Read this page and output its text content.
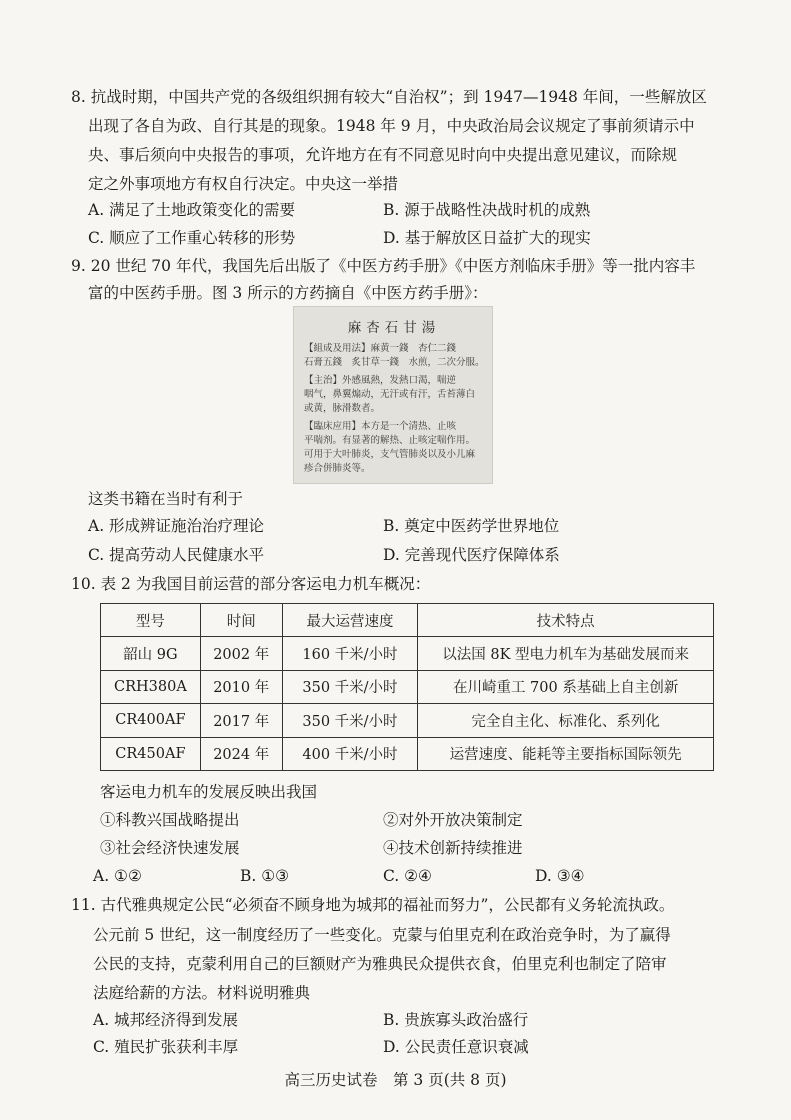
8. 抗战时期，中国共产党的各级组织拥有较大“自治权”；到 1947—1948 年间，一些解放区
出现了各自为政、自行其是的现象。1948 年 9 月，中央政治局会议规定了事前须请示中
央、事后须向中央报告的事项，允许地方在有不同意见时向中央提出意见建议，而除规
定之外事项地方有权自行决定。中央这一举措
A. 满足了土地政策变化的需要	B. 源于战略性决战时机的成熟
C. 顺应了工作重心转移的形势	D. 基于解放区日益扩大的现实
9. 20 世纪 70 年代，我国先后出版了《中医方药手册》《中医方剂临床手册》等一批内容丰
富的中医药手册。图 3 所示的方药摘自《中医方药手册》：
麻杏石甘湯
【組成及用法】麻黄一錢　杏仁二錢
石膏五錢　炙甘草一錢　水煎，二次分服。
【主治】外感風熱，发熱口渴，喘逆
咽气，鼻翼煽动，无汗或有汗，舌苔薄白
或黄，脉滑数者。
【臨床应用】本方是一个清热、止咳
平喘剂。有显著的解热、止咳定喘作用。
可用于大叶肺炎，支气管肺炎以及小儿麻
疹合併肺炎等。
这类书籍在当时有利于
A. 形成辨证施治治疗理论	B. 奠定中医药学世界地位
C. 提高劳动人民健康水平	D. 完善现代医疗保障体系
10. 表 2 为我国目前运营的部分客运电力机车概况：
型号	时间	最大运营速度	技术特点
韶山 9G	2002 年	160 千米/小时	以法国 8K 型电力机车为基础发展而来
CRH380A	2010 年	350 千米/小时	在川崎重工 700 系基础上自主创新
CR400AF	2017 年	350 千米/小时	完全自主化、标准化、系列化
CR450AF	2024 年	400 千米/小时	运营速度、能耗等主要指标国际领先
客运电力机车的发展反映出我国
①科教兴国战略提出	②对外开放决策制定
③社会经济快速发展	④技术创新持续推进
A. ①②	B. ①③	C. ②④	D. ③④
11. 古代雅典规定公民“必须奋不顾身地为城邦的福祉而努力”，公民都有义务轮流执政。
公元前 5 世纪，这一制度经历了一些变化。克蒙与伯里克利在政治竞争时，为了赢得
公民的支持，克蒙利用自己的巨额财产为雅典民众提供衣食，伯里克利也制定了陪审
法庭给薪的方法。材料说明雅典
A. 城邦经济得到发展	B. 贵族寡头政治盛行
C. 殖民扩张获利丰厚	D. 公民责任意识衰减
高三历史试卷　第 3 页(共 8 页)
